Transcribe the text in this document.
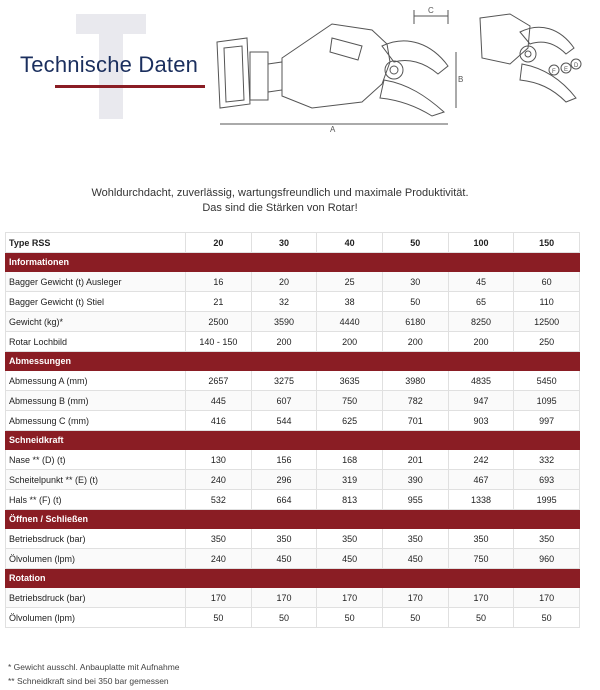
Technische Daten
A
C
B
F E
D
Wohldurchdacht, zuverlässig, wartungsfreundlich und maximale Produktivität.
Das sind die Stärken von Rotar!
Type RSS	20	30	40	50	100	150
Informationen						
Bagger Gewicht (t) Ausleger	16	20	25	30	45	60
Bagger Gewicht (t) Stiel	21	32	38	50	65	110
Gewicht (kg)*	2500	3590	4440	6180	8250	12500
Rotar Lochbild	140 - 150	200	200	200	200	250
Abmessungen						
Abmessung A (mm)	2657	3275	3635	3980	4835	5450
Abmessung B (mm)	445	607	750	782	947	1095
Abmessung C (mm)	416	544	625	701	903	997
Schneidkraft						
Nase ** (D) (t)	130	156	168	201	242	332
Scheitelpunkt ** (E) (t)	240	296	319	390	467	693
Hals ** (F) (t)	532	664	813	955	1338	1995
Öffnen / Schließen						
Betriebsdruck (bar)	350	350	350	350	350	350
Ölvolumen (lpm)	240	450	450	450	750	960
Rotation						
Betriebsdruck (bar)	170	170	170	170	170	170
Ölvolumen (lpm)	50	50	50	50	50	50
* Gewicht ausschl. Anbauplatte mit Aufnahme
** Schneidkraft sind bei 350 bar gemessen
